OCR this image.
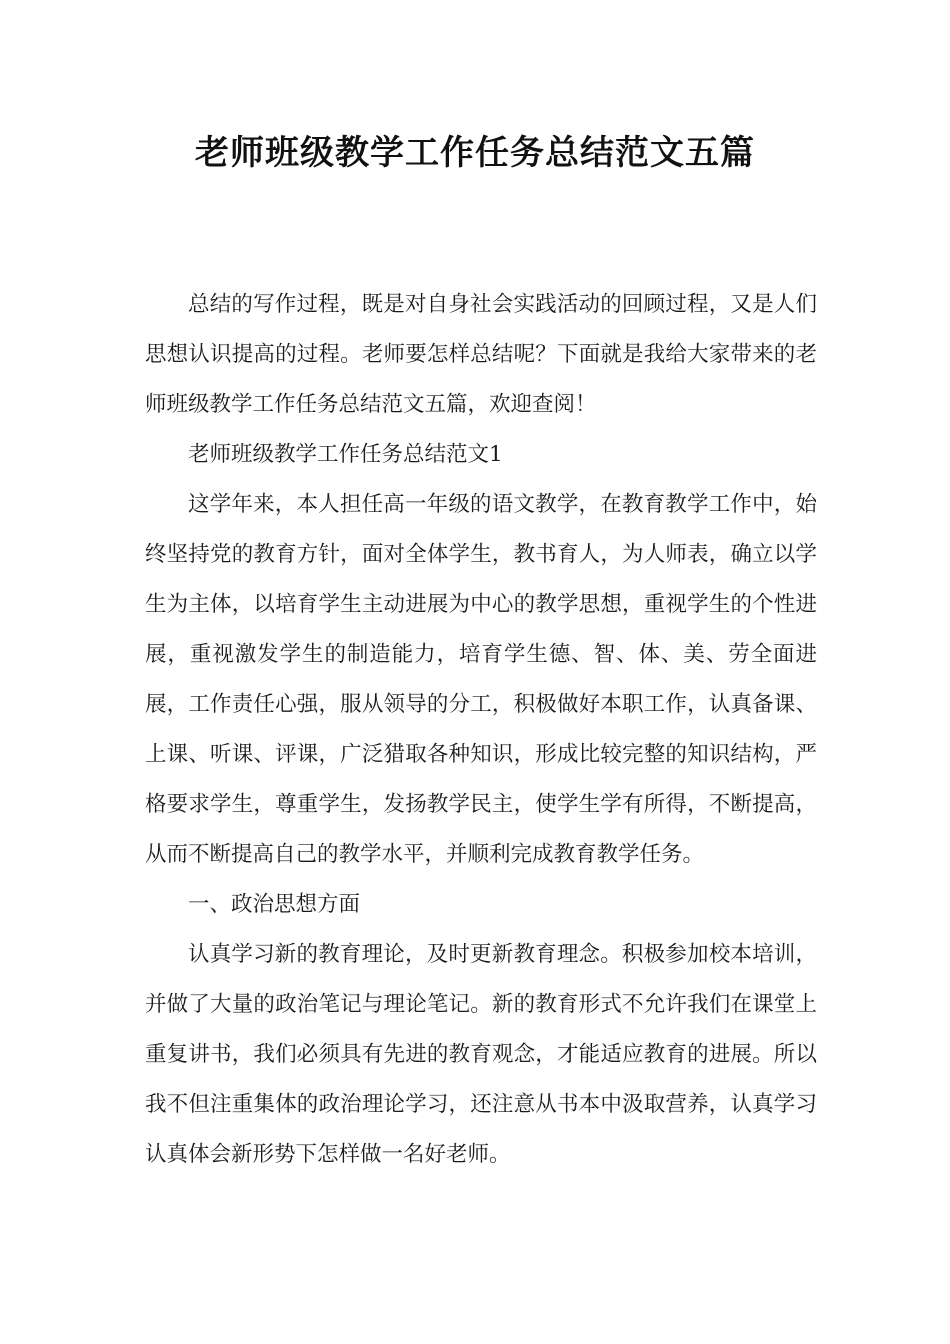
老师班级教学工作任务总结范文五篇

总结的写作过程，既是对自身社会实践活动的回顾过程，又是人们思想认识提高的过程。老师要怎样总结呢？下面就是我给大家带来的老师班级教学工作任务总结范文五篇，欢迎查阅！

老师班级教学工作任务总结范文1

这学年来，本人担任高一年级的语文教学，在教育教学工作中，始终坚持党的教育方针，面对全体学生，教书育人，为人师表，确立以学生为主体，以培育学生主动进展为中心的教学思想，重视学生的个性进展，重视激发学生的制造能力，培育学生德、智、体、美、劳全面进展，工作责任心强，服从领导的分工，积极做好本职工作，认真备课、上课、听课、评课，广泛猎取各种知识，形成比较完整的知识结构，严格要求学生，尊重学生，发扬教学民主，使学生学有所得，不断提高，从而不断提高自己的教学水平，并顺利完成教育教学任务。

一、政治思想方面

认真学习新的教育理论，及时更新教育理念。积极参加校本培训，并做了大量的政治笔记与理论笔记。新的教育形式不允许我们在课堂上重复讲书，我们必须具有先进的教育观念，才能适应教育的进展。所以我不但注重集体的政治理论学习，还注意从书本中汲取营养，认真学习认真体会新形势下怎样做一名好老师。
